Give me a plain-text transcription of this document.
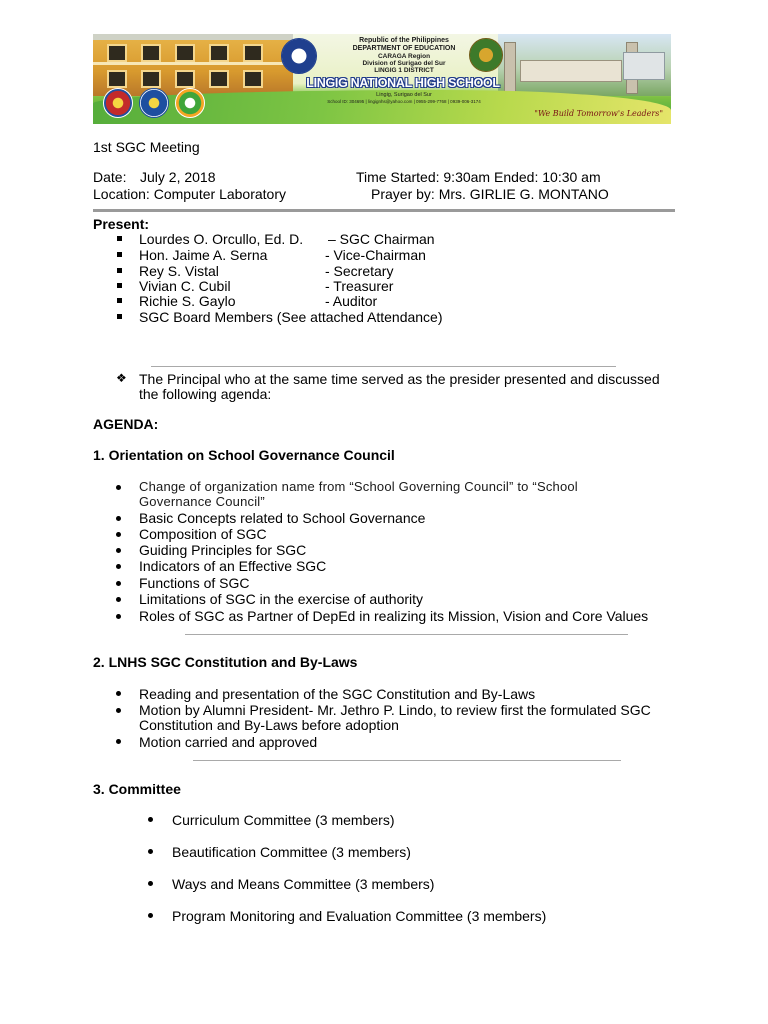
Republic of the Philippines
DEPARTMENT OF EDUCATION
CARAGA Region
Division of Surigao del Sur
LINGIG 1 DISTRICT
LINGIG NATIONAL HIGH SCHOOL
Lingig, Surigao del Sur
School ID: 304695 | lingignhs@yahoo.com | 0955-299-7768 | 0939-006-3174
"We Build Tomorrow's Leaders"
1st SGC Meeting
Date: July 2, 2018	Time Started: 9:30am Ended: 10:30 am
Location: Computer Laboratory	Prayer by: Mrs. GIRLIE G. MONTANO
Present:
Lourdes O. Orcullo, Ed. D. – SGC Chairman
Hon. Jaime A. Serna	- Vice-Chairman
Rey S. Vistal	- Secretary
Vivian C. Cubil	- Treasurer
Richie S. Gaylo	- Auditor
SGC Board Members (See attached Attendance)
❖ The Principal who at the same time served as the presider presented and discussed
the following agenda:
AGENDA:
1. Orientation on School Governance Council
Change of organization name from “School Governing Council” to “School
Governance Council”
Basic Concepts related to School Governance
Composition of SGC
Guiding Principles for SGC
Indicators of an Effective SGC
Functions of SGC
Limitations of SGC in the exercise of authority
Roles of SGC as Partner of DepEd in realizing its Mission, Vision and Core Values
2. LNHS SGC Constitution and By-Laws
Reading and presentation of the SGC Constitution and By-Laws
Motion by Alumni President- Mr. Jethro P. Lindo, to review first the formulated SGC
Constitution and By-Laws before adoption
Motion carried and approved
3. Committee
Curriculum Committee (3 members)
Beautification Committee (3 members)
Ways and Means Committee (3 members)
Program Monitoring and Evaluation Committee (3 members)
